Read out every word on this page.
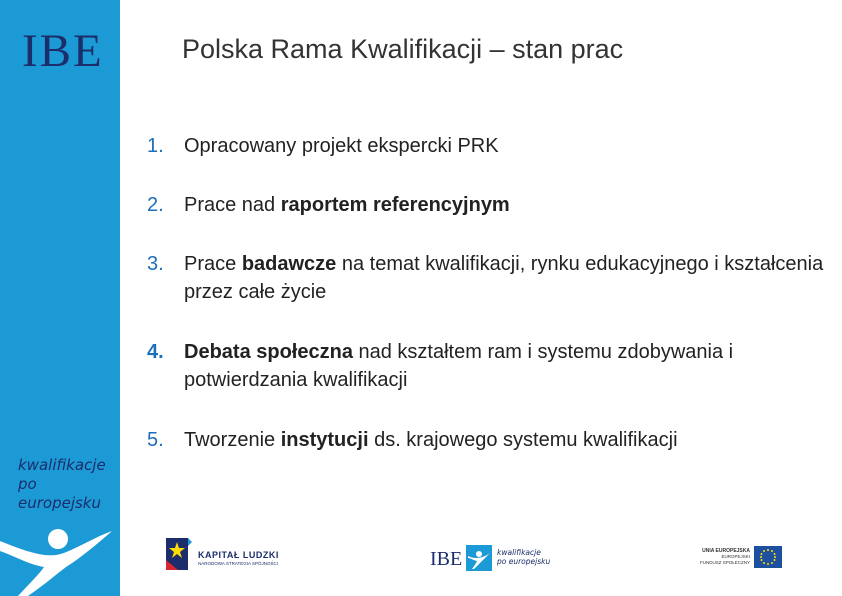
IBE
kwalifikacje
po europejsku
Polska Rama Kwalifikacji – stan prac
1. Opracowany projekt ekspercki PRK
2. Prace nad raportem referencyjnym
3. Prace badawcze na temat kwalifikacji, rynku edukacyjnego i kształcenia przez całe życie
4. Debata społeczna nad kształtem ram i systemu zdobywania i potwierdzania kwalifikacji
5. Tworzenie instytucji ds. krajowego systemu kwalifikacji
KAPITAŁ LUDZKI
NARODOWA STRATEGIA SPÓJNOŚCI	IBE	kwalifikacje
po europejsku
UNIA EUROPEJSKA
EUROPEJSKI
FUNDUSZ SPOŁECZNY
